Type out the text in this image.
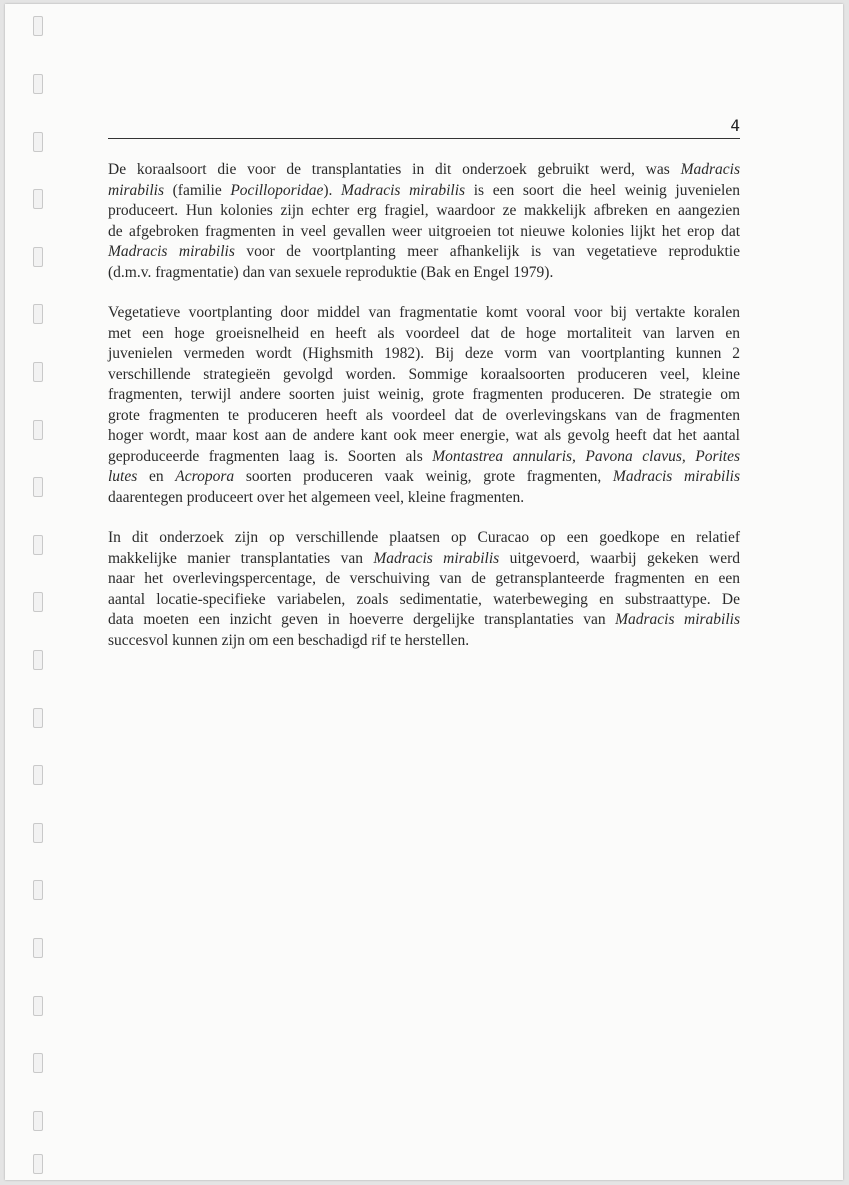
4
De koraalsoort die voor de transplantaties in dit onderzoek gebruikt werd, was Madracis
mirabilis (familie Pocilloporidae). Madracis mirabilis is een soort die heel weinig juvenielen
produceert. Hun kolonies zijn echter erg fragiel, waardoor ze makkelijk afbreken en aangezien
de afgebroken fragmenten in veel gevallen weer uitgroeien tot nieuwe kolonies lijkt het erop dat
Madracis mirabilis voor de voortplanting meer afhankelijk is van vegetatieve reproduktie
(d.m.v. fragmentatie) dan van sexuele reproduktie (Bak en Engel 1979).
Vegetatieve voortplanting door middel van fragmentatie komt vooral voor bij vertakte koralen
met een hoge groeisnelheid en heeft als voordeel dat de hoge mortaliteit van larven en
juvenielen vermeden wordt (Highsmith 1982). Bij deze vorm van voortplanting kunnen 2
verschillende strategieën gevolgd worden. Sommige koraalsoorten produceren veel, kleine
fragmenten, terwijl andere soorten juist weinig, grote fragmenten produceren. De strategie om
grote fragmenten te produceren heeft als voordeel dat de overlevingskans van de fragmenten
hoger wordt, maar kost aan de andere kant ook meer energie, wat als gevolg heeft dat het aantal
geproduceerde fragmenten laag is. Soorten als Montastrea annularis, Pavona clavus, Porites
lutes en Acropora soorten produceren vaak weinig, grote fragmenten, Madracis mirabilis
daarentegen produceert over het algemeen veel, kleine fragmenten.
In dit onderzoek zijn op verschillende plaatsen op Curacao op een goedkope en relatief
makkelijke manier transplantaties van Madracis mirabilis uitgevoerd, waarbij gekeken werd
naar het overlevingspercentage, de verschuiving van de getransplanteerde fragmenten en een
aantal locatie-specifieke variabelen, zoals sedimentatie, waterbeweging en substraattype. De
data moeten een inzicht geven in hoeverre dergelijke transplantaties van Madracis mirabilis
succesvol kunnen zijn om een beschadigd rif te herstellen.
